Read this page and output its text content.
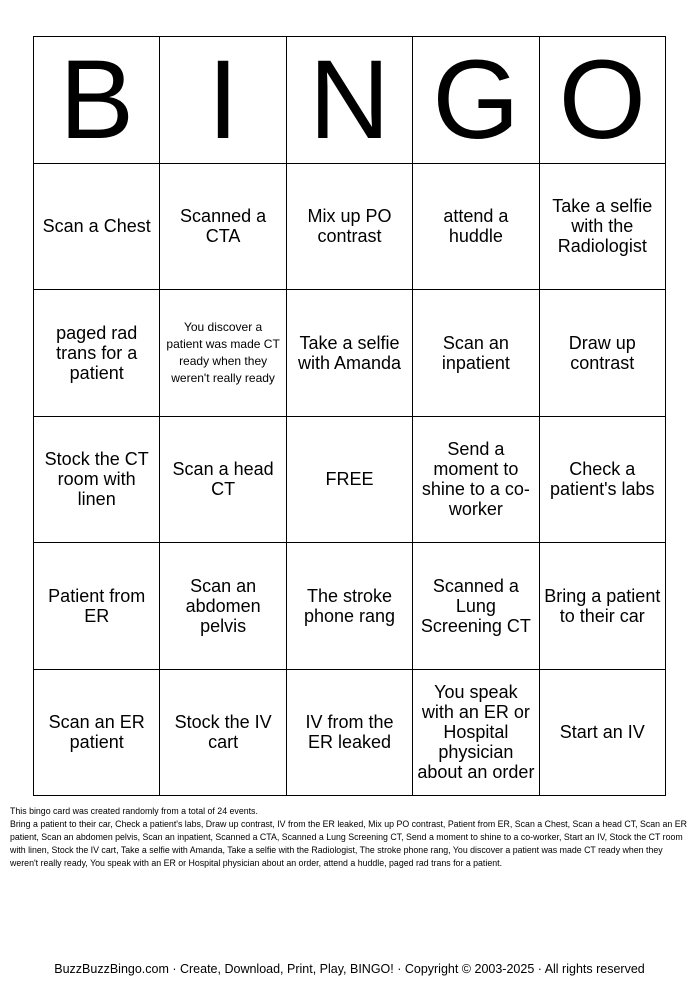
B I N G O
Scan a Chest	Scanned a CTA
Mix up PO contrast
attend a huddle
Take a selfie with the Radiologist
paged rad trans for a patient
You discover a patient was made CT ready when they weren't really ready
Take a selfie with Amanda
Scan an inpatient
Draw up contrast
Stock the CT room with linen
Scan a head CT	FREE
Send a moment to shine to a co-worker
Check a patient's labs
Patient from ER
Scan an abdomen pelvis
The stroke phone rang
Scanned a Lung Screening CT
Bring a patient to their car
Scan an ER patient
Stock the IV cart
IV from the ER leaked
You speak with an ER or Hospital physician about an order
Start an IV

This bingo card was created randomly from a total of 24 events.

Bring a patient to their car, Check a patient's labs, Draw up contrast, IV from the ER leaked, Mix up PO contrast, Patient from ER, Scan a Chest, Scan a head CT, Scan an ER patient, Scan an abdomen pelvis, Scan an inpatient, Scanned a CTA, Scanned a Lung Screening CT, Send a moment to shine to a co-worker, Start an IV, Stock the CT room with linen, Stock the IV cart, Take a selfie with Amanda, Take a selfie with the Radiologist, The stroke phone rang, You discover a patient was made CT ready when they weren't really ready, You speak with an ER or Hospital physician about an order, attend a huddle, paged rad trans for a patient.

BuzzBuzzBingo.com · Create, Download, Print, Play, BINGO! · Copyright © 2003-2025 · All rights reserved
